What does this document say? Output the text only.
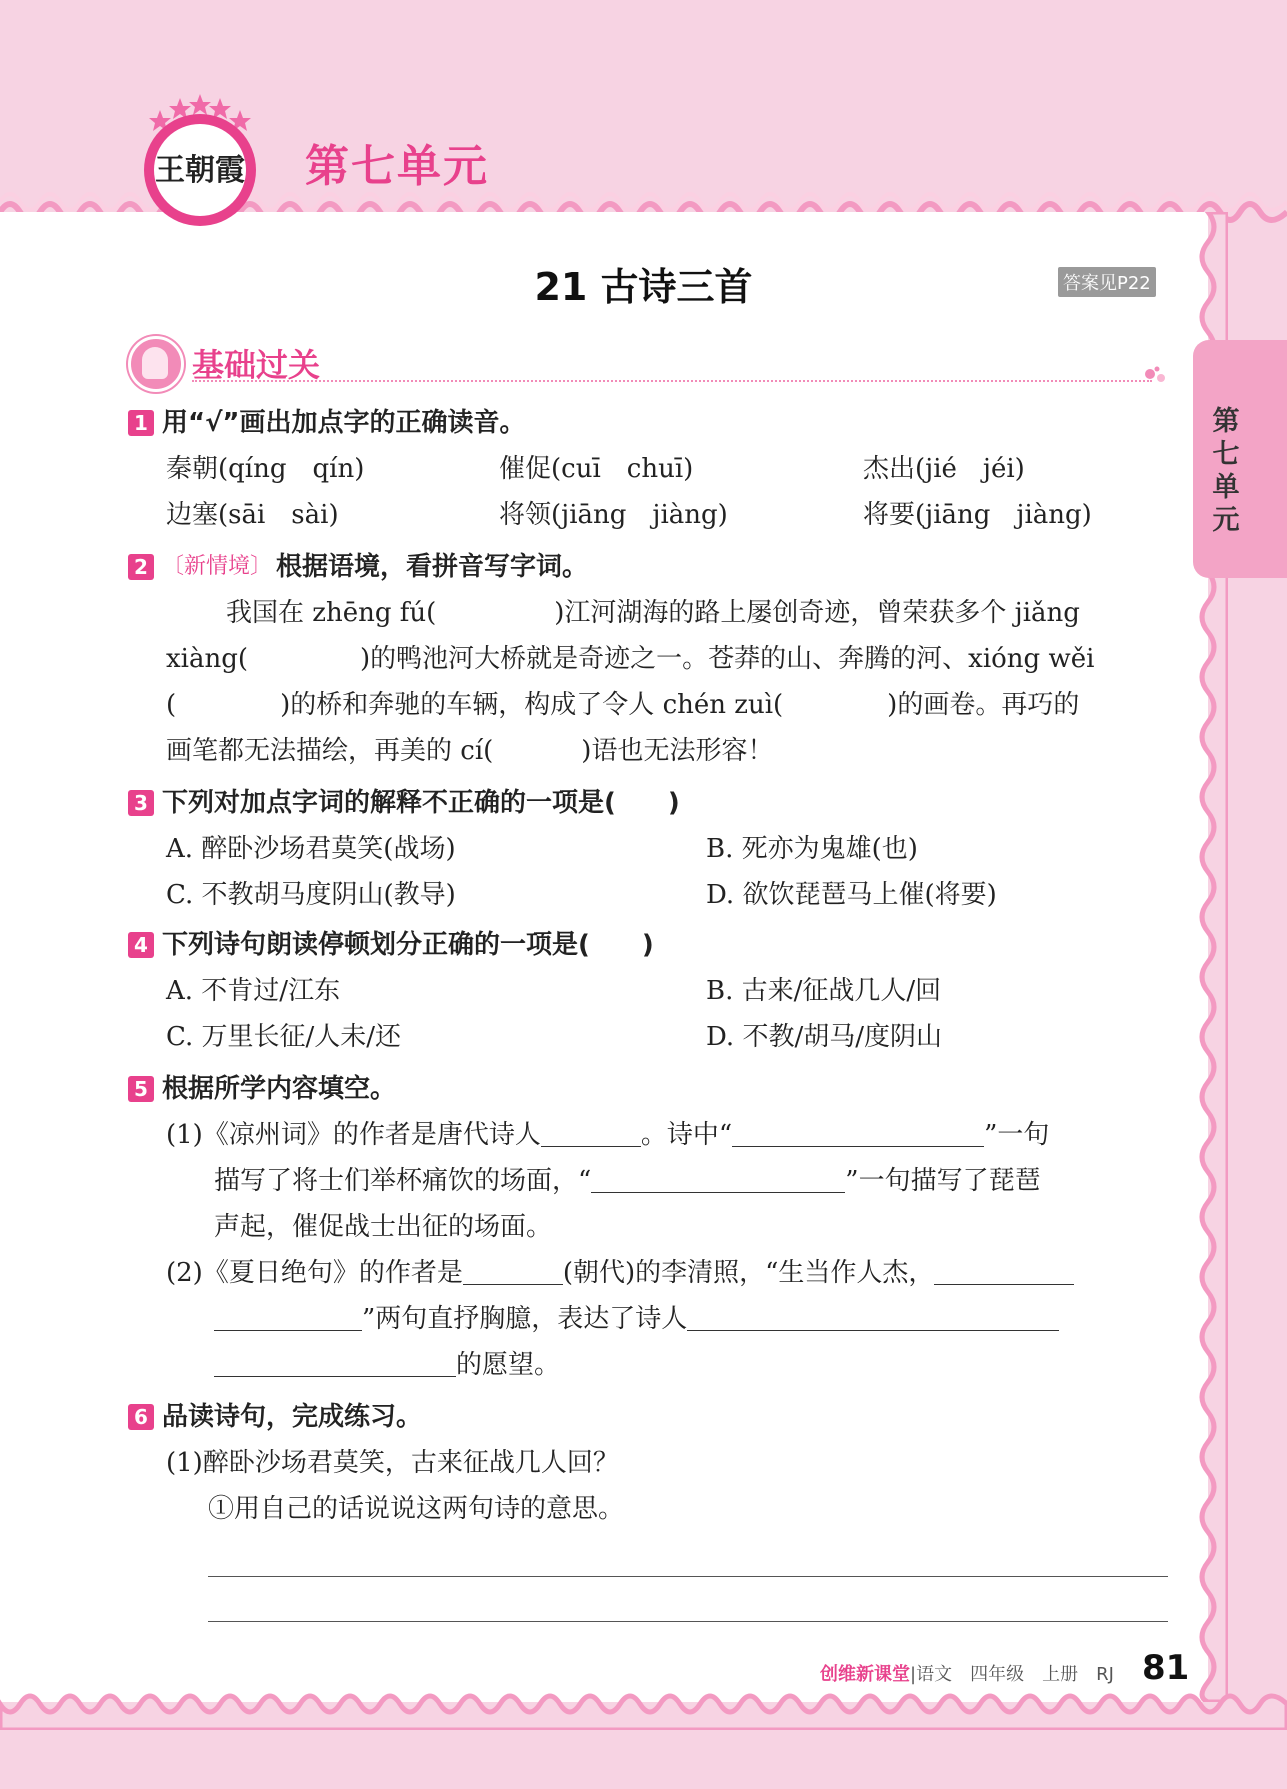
王朝霞 第七单元
第七单元
21 古诗三首	答案见P22
基础过关
1 用“√”画出加点字的正确读音。
秦朝(qíng　qín)	催促(cuī　chuī)	杰出(jié　jéi)
边塞(sāi　sài)	将领(jiāng　jiàng)	将要(jiāng　jiàng)
2 〔新情境〕 根据语境，看拼音写字词。
我国在 zhēng fú(	)江河湖海的路上屡创奇迹，曾荣获多个 jiǎng

xiàng(	)的鸭池河大桥就是奇迹之一。苍莽的山、奔腾的河、xióng wěi
(	)的桥和奔驰的车辆，构成了令人 chén zuì(	)的画卷。再巧的
画笔都无法描绘，再美的 cí(	)语也无法形容！
3 下列对加点字词的解释不正确的一项是(　　)
A. 醉卧沙场君莫笑(战场)	B. 死亦为鬼雄(也)
C. 不教胡马度阴山(教导)	D. 欲饮琵琶马上催(将要)
4 下列诗句朗读停顿划分正确的一项是(　　)
A. 不肯过/江东	B. 古来/征战几人/回
C. 万里长征/人未/还	D. 不教/胡马/度阴山
5 根据所学内容填空。
(1)《凉州词》的作者是唐代诗人	。诗中“	”一句
描写了将士们举杯痛饮的场面，“	”一句描写了琵琶
声起，催促战士出征的场面。
(2)《夏日绝句》的作者是	(朝代)的李清照，“生当作人杰，
”两句直抒胸臆，表达了诗人
的愿望。
6 品读诗句，完成练习。
(1)醉卧沙场君莫笑，古来征战几人回？
①用自己的话说说这两句诗的意思。
创维新课堂|语文　四年级　上册　RJ 81
